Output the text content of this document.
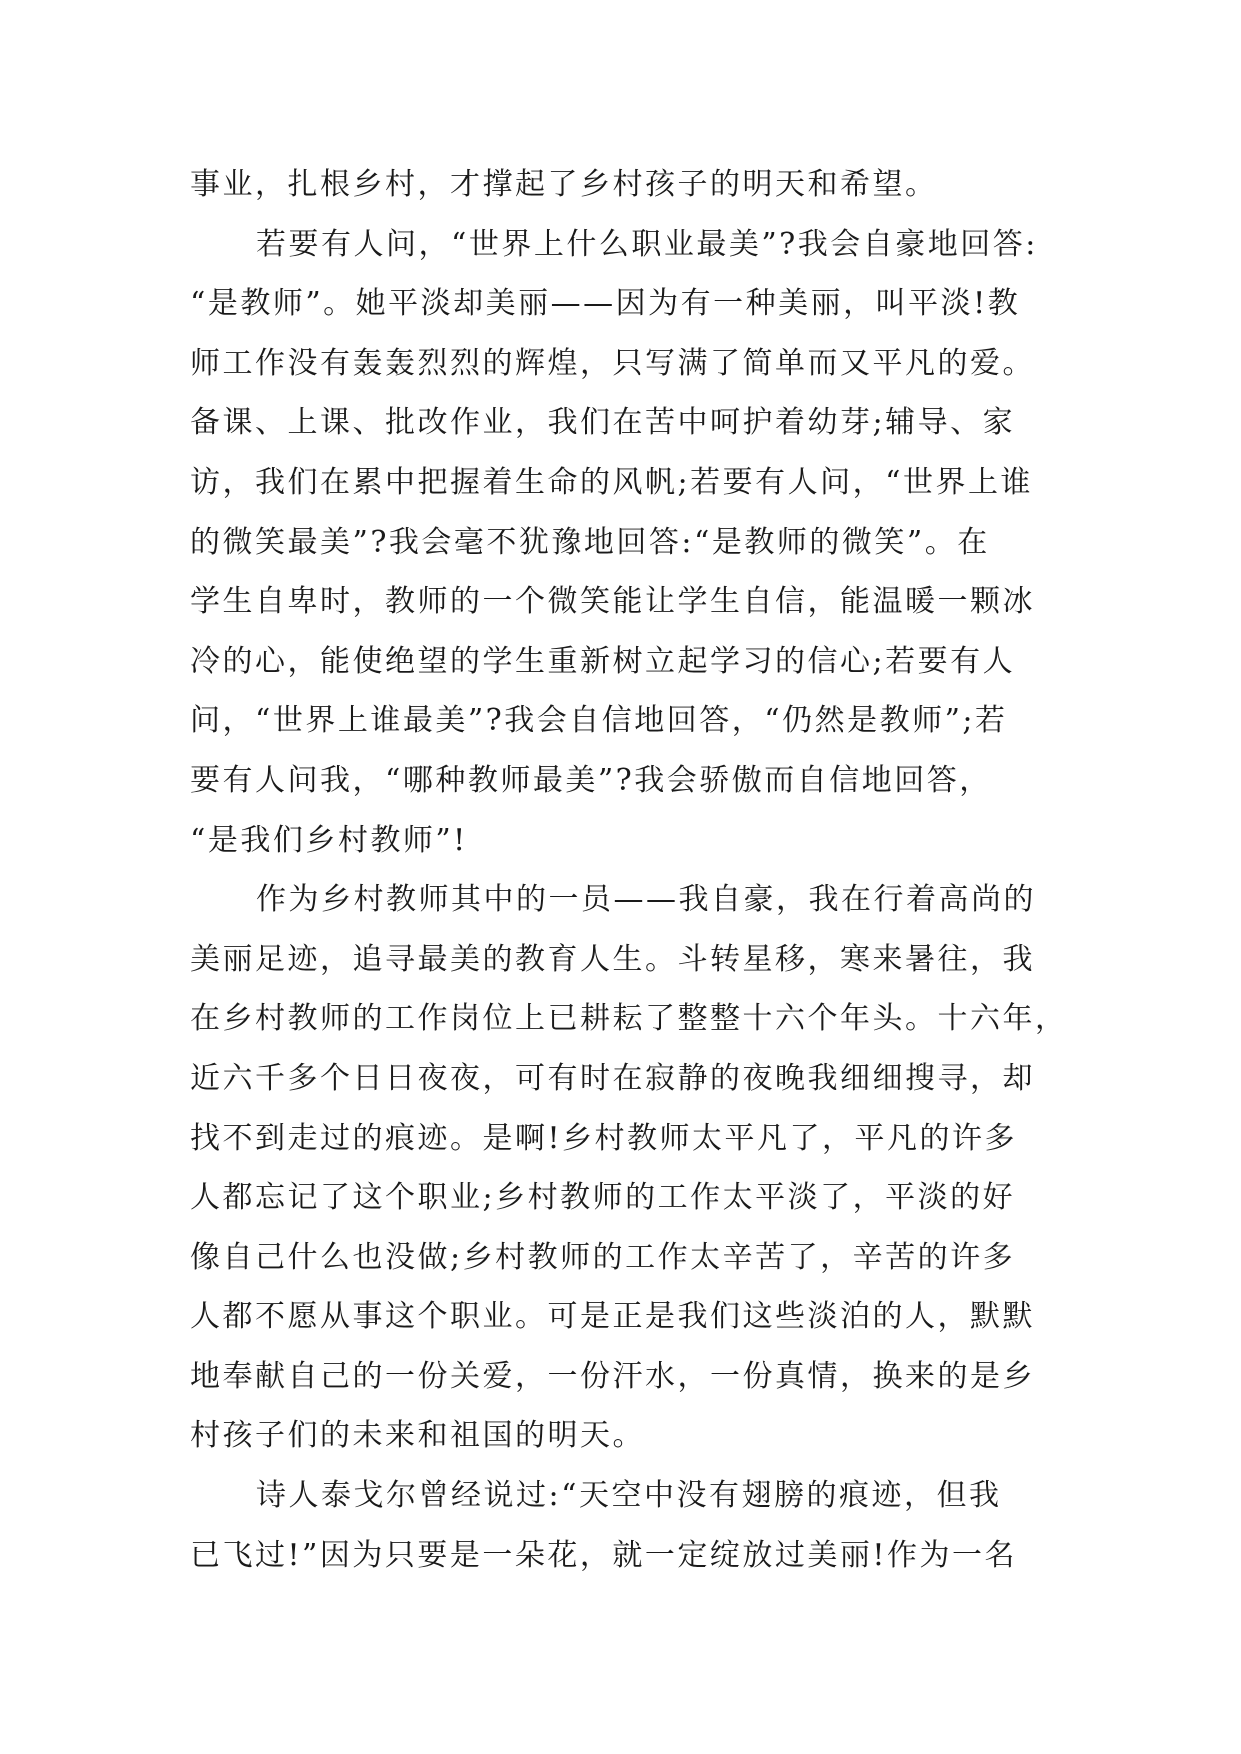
事业，扎根乡村，才撑起了乡村孩子的明天和希望。
若要有人问，“世界上什么职业最美”?我会自豪地回答:
“是教师”。她平淡却美丽——因为有一种美丽，叫平淡!教
师工作没有轰轰烈烈的辉煌，只写满了简单而又平凡的爱。
备课、上课、批改作业，我们在苦中呵护着幼芽;辅导、家
访，我们在累中把握着生命的风帆;若要有人问，“世界上谁
的微笑最美”?我会毫不犹豫地回答:“是教师的微笑”。在
学生自卑时，教师的一个微笑能让学生自信，能温暖一颗冰
冷的心，能使绝望的学生重新树立起学习的信心;若要有人
问，“世界上谁最美”?我会自信地回答，“仍然是教师”;若
要有人问我，“哪种教师最美”?我会骄傲而自信地回答，
“是我们乡村教师”!
作为乡村教师其中的一员——我自豪，我在行着高尚的
美丽足迹，追寻最美的教育人生。斗转星移，寒来暑往，我
在乡村教师的工作岗位上已耕耘了整整十六个年头。十六年，
近六千多个日日夜夜，可有时在寂静的夜晚我细细搜寻，却
找不到走过的痕迹。是啊!乡村教师太平凡了，平凡的许多
人都忘记了这个职业;乡村教师的工作太平淡了，平淡的好
像自己什么也没做;乡村教师的工作太辛苦了，辛苦的许多
人都不愿从事这个职业。可是正是我们这些淡泊的人，默默
地奉献自己的一份关爱，一份汗水，一份真情，换来的是乡
村孩子们的未来和祖国的明天。
诗人泰戈尔曾经说过:“天空中没有翅膀的痕迹，但我
已飞过!”因为只要是一朵花，就一定绽放过美丽!作为一名
